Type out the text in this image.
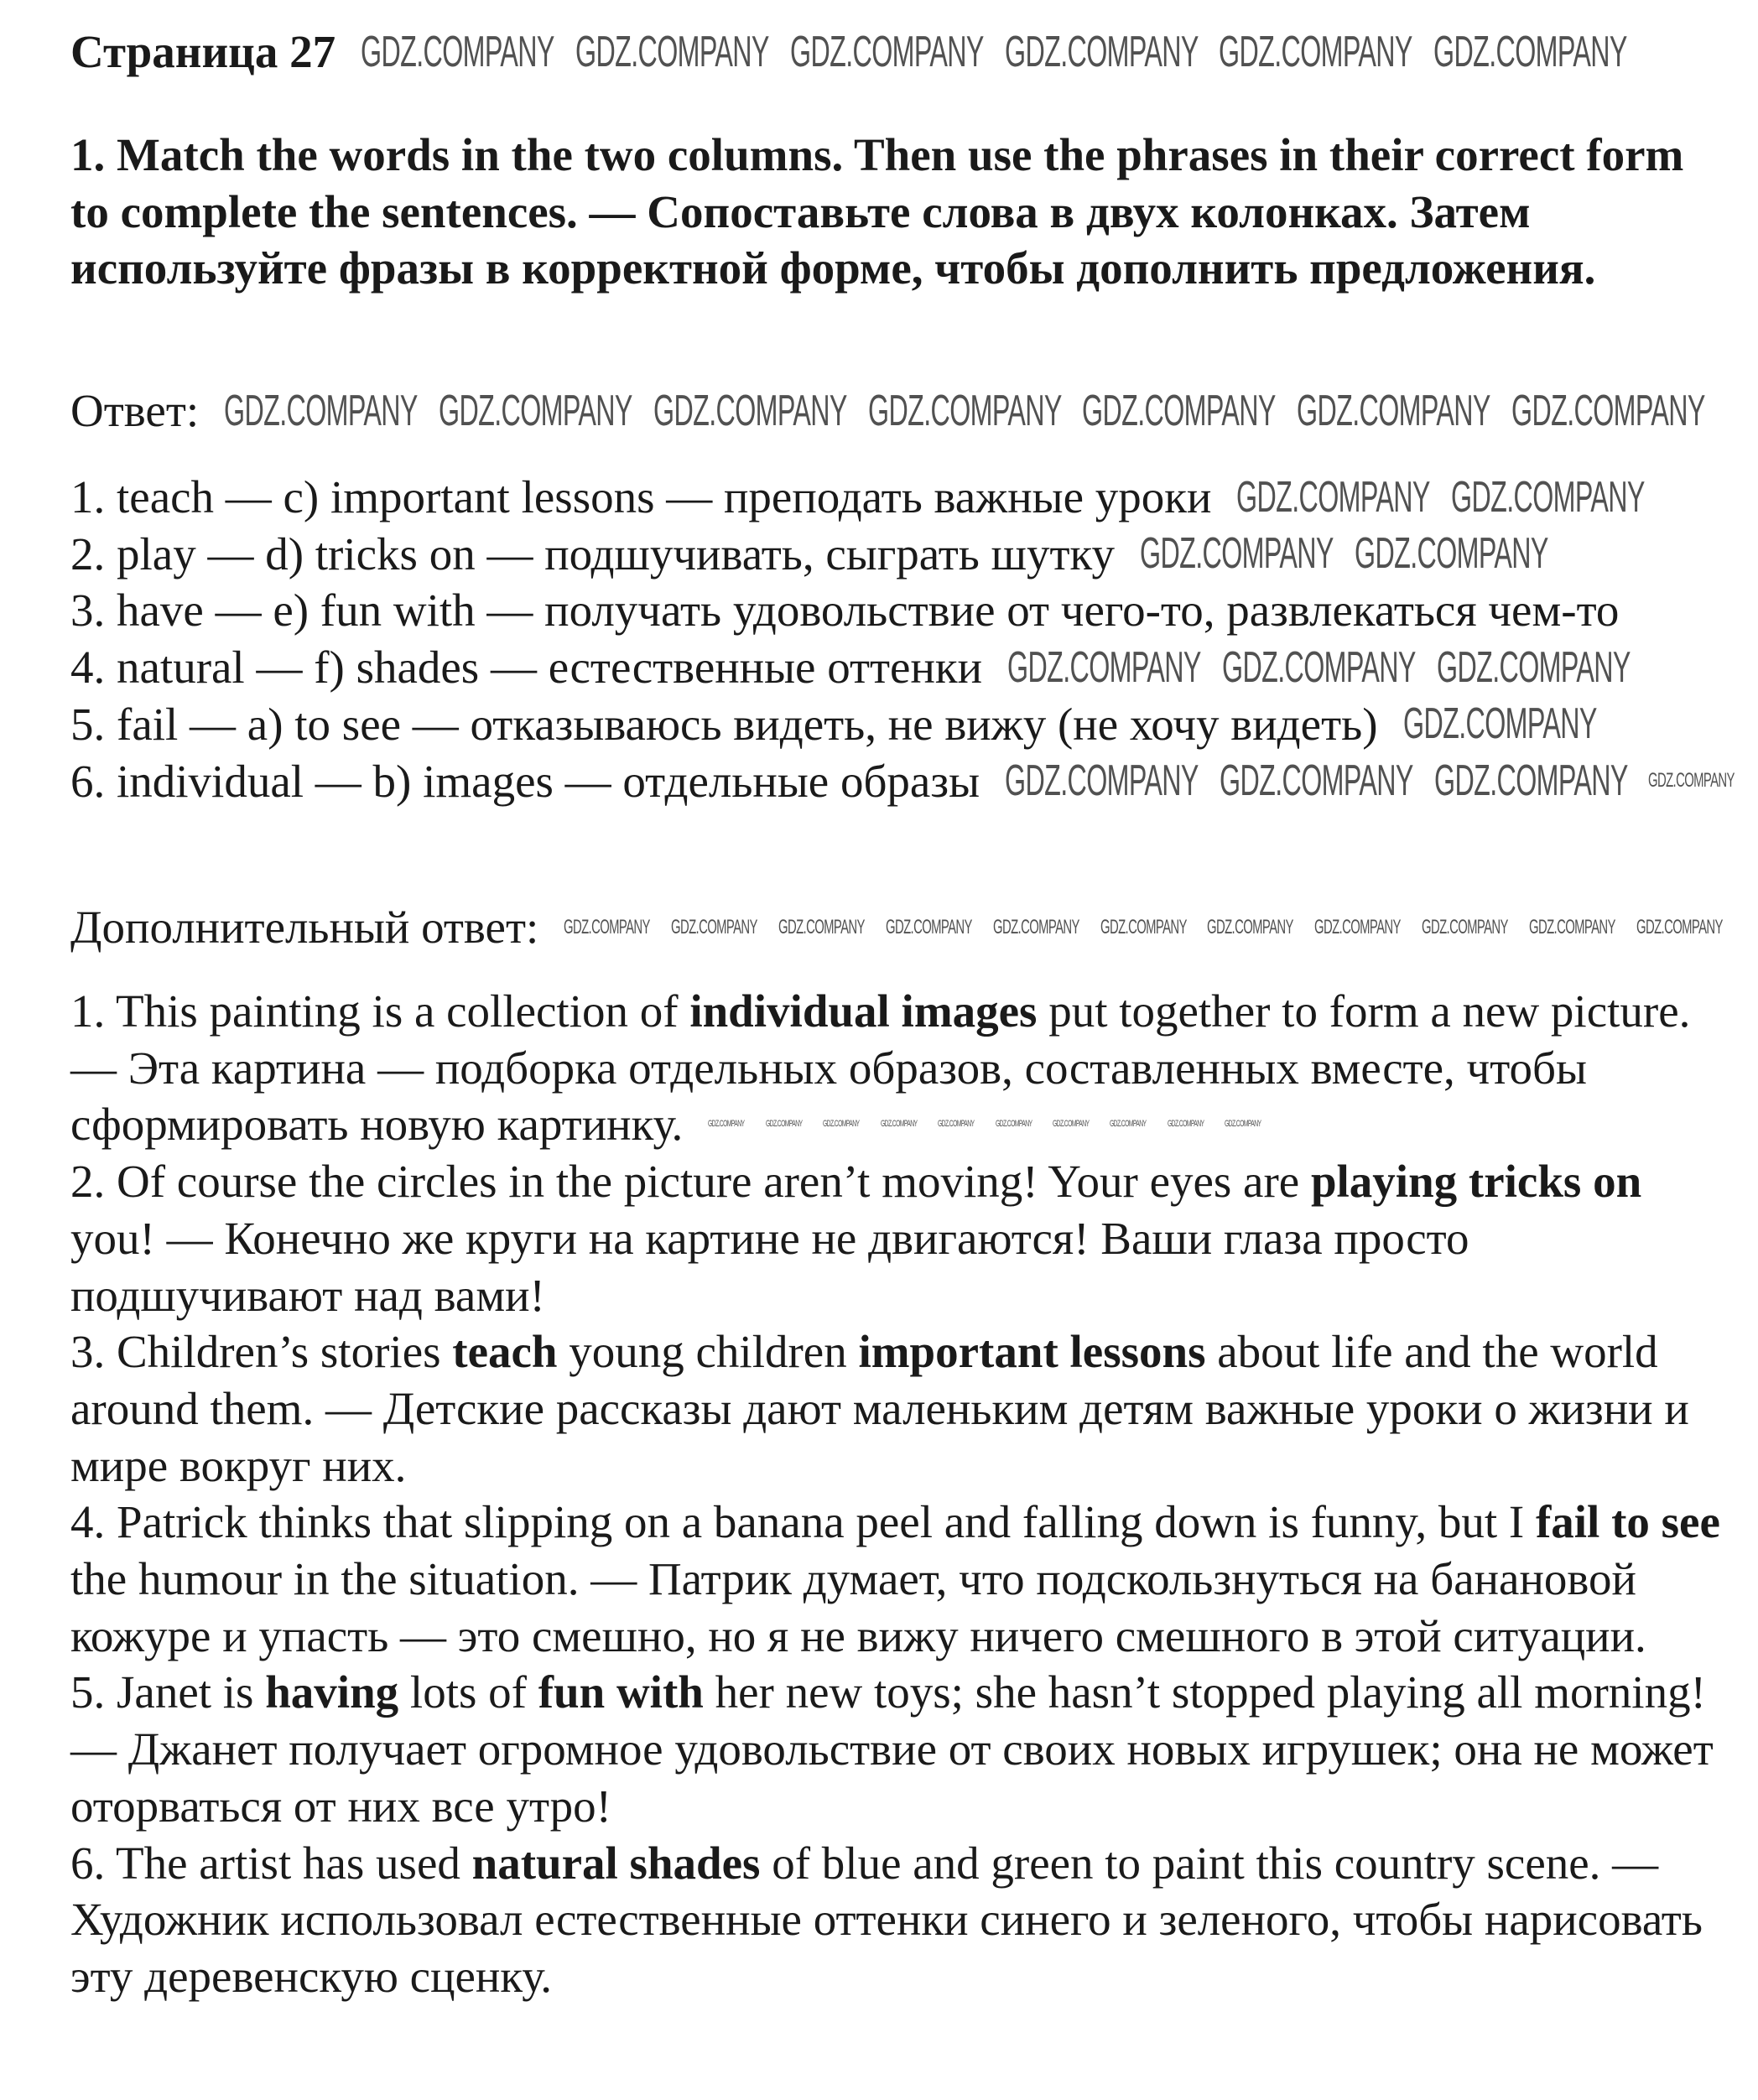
Страница 27
1. Match the words in the two columns. Then use the phrases in their correct form to complete the sentences. — Сопоставьте слова в двух колонках. Затем используйте фразы в корректной форме, чтобы дополнить предложения.
Ответ:
1. teach — c) important lessons — преподать важные уроки
2. play — d) tricks on — подшучивать, сыграть шутку
3. have — e) fun with — получать удовольствие от чего-то, развлекаться чем-то
4. natural — f) shades — естественные оттенки
5. fail — a) to see — отказываюсь видеть, не вижу (не хочу видеть)
6. individual — b) images — отдельные образы
Дополнительный ответ:
1. This painting is a collection of individual images put together to form a new picture. — Эта картина — подборка отдельных образов, составленных вместе, чтобы сформировать новую картинку.
2. Of course the circles in the picture aren’t moving! Your eyes are playing tricks on you! — Конечно же круги на картине не двигаются! Ваши глаза просто подшучивают над вами!
3. Children’s stories teach young children important lessons about life and the world around them. — Детские рассказы дают маленьким детям важные уроки о жизни и мире вокруг них.
4. Patrick thinks that slipping on a banana peel and falling down is funny, but I fail to see the humour in the situation. — Патрик думает, что подскользнуться на банановой кожуре и упасть — это смешно, но я не вижу ничего смешного в этой ситуации.
5. Janet is having lots of fun with her new toys; she hasn’t stopped playing all morning! — Джанет получает огромное удовольствие от своих новых игрушек; она не может оторваться от них все утро!
6. The artist has used natural shades of blue and green to paint this country scene. — Художник использовал естественные оттенки синего и зеленого, чтобы нарисовать эту деревенскую сценку.
GDZ.COMPANY GDZ.COMPANY GDZ.COMPANY GDZ.COMPANY GDZ.COMPANY GDZ.COMPANY
GDZ.COMPANY GDZ.COMPANY GDZ.COMPANY GDZ.COMPANY GDZ.COMPANY GDZ.COMPANY GDZ.COMPANY
GDZ.COMPANY GDZ.COMPANY
GDZ.COMPANY GDZ.COMPANY
GDZ.COMPANY GDZ.COMPANY GDZ.COMPANY
GDZ.COMPANY
GDZ.COMPANY GDZ.COMPANY GDZ.COMPANY GDZ.COMPANY
GDZ.COMPANY GDZ.COMPANY GDZ.COMPANY GDZ.COMPANY GDZ.COMPANY GDZ.COMPANY GDZ.COMPANY GDZ.COMPANY GDZ.COMPANY GDZ.COMPANY GDZ.COMPANY
GDZ.COMPANY GDZ.COMPANY GDZ.COMPANY GDZ.COMPANY GDZ.COMPANY GDZ.COMPANY GDZ.COMPANY GDZ.COMPANY GDZ.COMPANY GDZ.COMPANY
